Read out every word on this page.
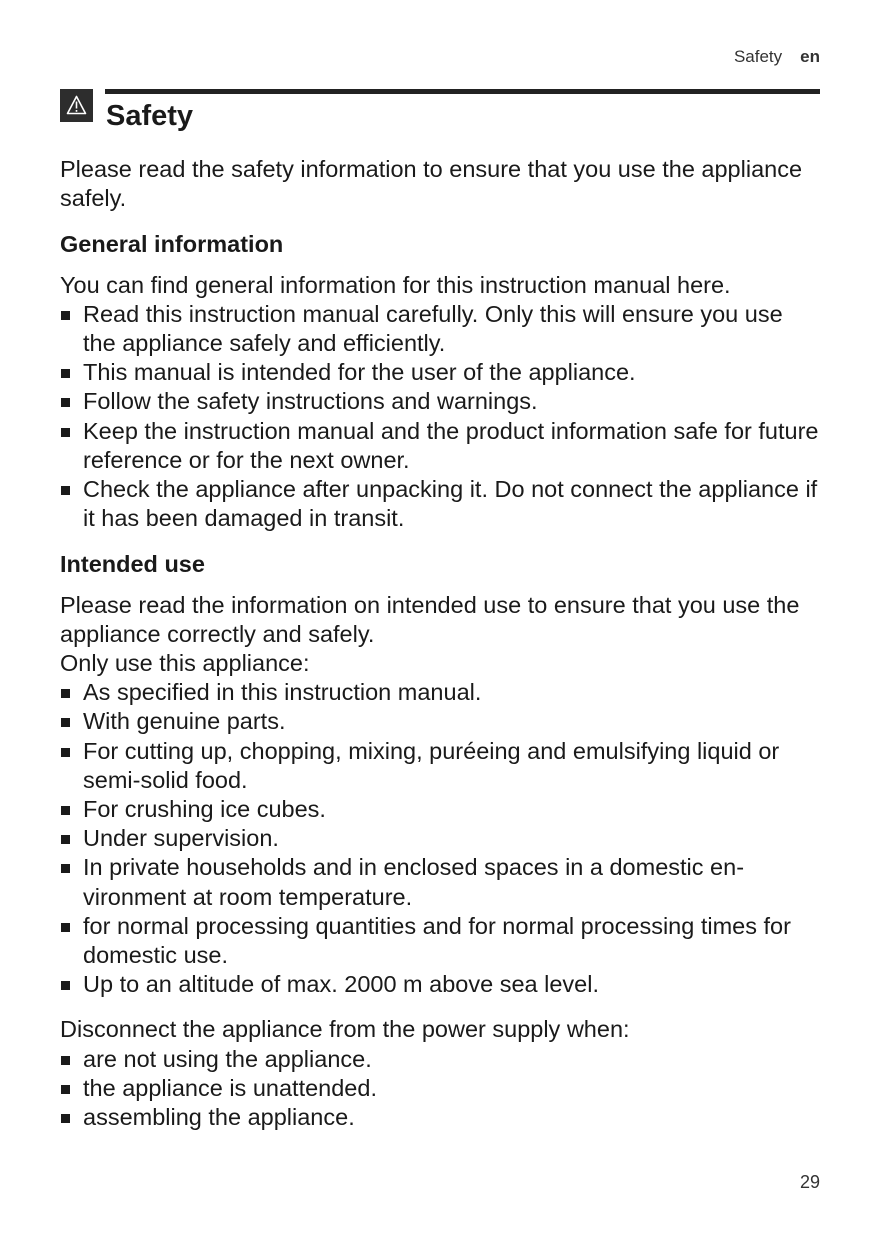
Safety en
Safety

Please read the safety information to ensure that you use the appliance safely.

General information

You can find general information for this instruction manual here.

Read this instruction manual carefully. Only this will ensure you use the appliance safely and efficiently.
This manual is intended for the user of the appliance.
Follow the safety instructions and warnings.
Keep the instruction manual and the product information safe for future reference or for the next owner.
Check the appliance after unpacking it. Do not connect the appliance if it has been damaged in transit.
Intended use

Please read the information on intended use to ensure that you use the appliance correctly and safely.

Only use this appliance:

As specified in this instruction manual.
With genuine parts.
For cutting up, chopping, mixing, puréeing and emulsifying liquid or semi-solid food.
For crushing ice cubes.
Under supervision.
In private households and in enclosed spaces in a domestic environment at room temperature.
for normal processing quantities and for normal processing times for domestic use.
Up to an altitude of max. 2000 m above sea level.

Disconnect the appliance from the power supply when:

are not using the appliance.
the appliance is unattended.
assembling the appliance.
29
